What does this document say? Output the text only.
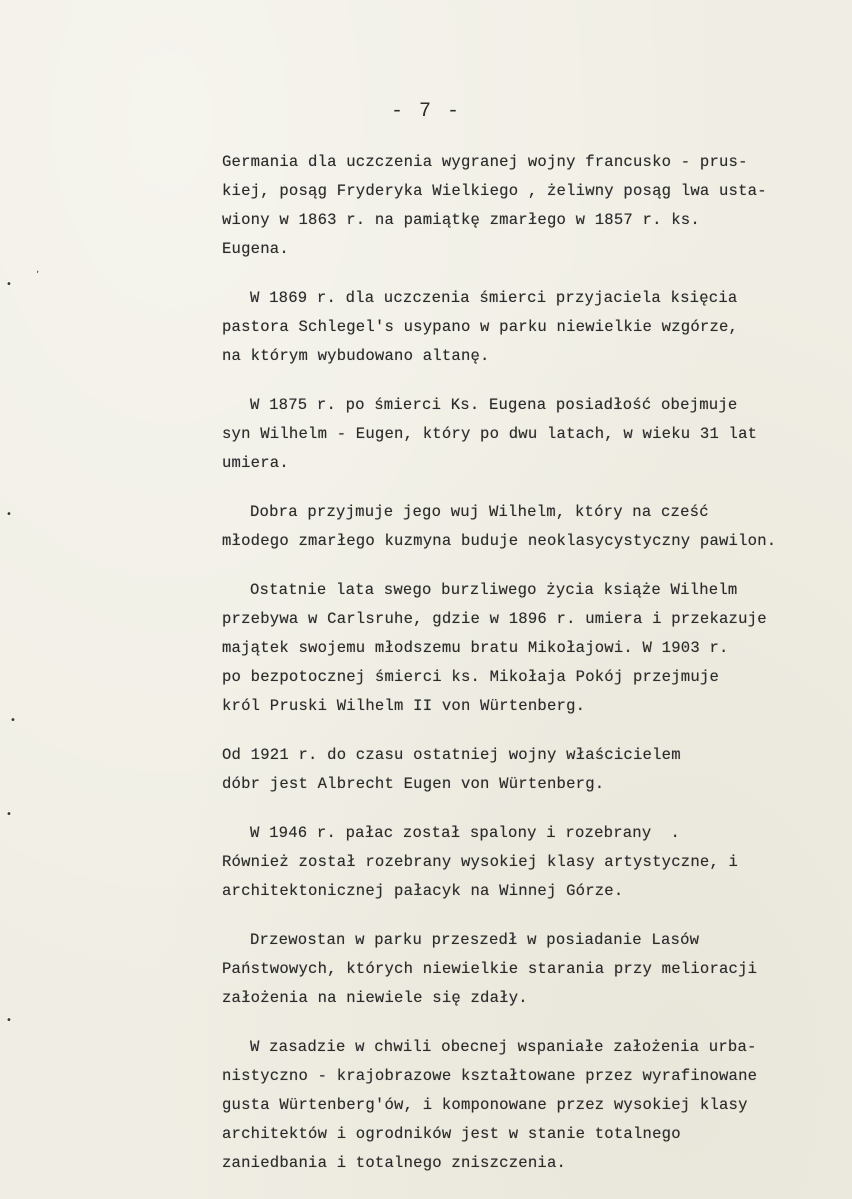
- 7 -
ʼ
•
•
•
•
•
Germania dla uczczenia wygranej wojny francusko - prus-
kiej, posąg Fryderyka Wielkiego , żeliwny posąg lwa usta-
wiony w 1863 r. na pamiątkę zmarłego w 1857 r. ks.
Eugena.
W 1869 r. dla uczczenia śmierci przyjaciela księcia
pastora Schlegel's usypano w parku niewielkie wzgórze,
na którym wybudowano altanę.
W 1875 r. po śmierci Ks. Eugena posiadłość obejmuje
syn Wilhelm - Eugen, który po dwu latach, w wieku 31 lat
umiera.
Dobra przyjmuje jego wuj Wilhelm, który na cześć
młodego zmarłego kuzmyna buduje neoklasycystyczny pawilon.
Ostatnie lata swego burzliwego życia książe Wilhelm
przebywa w Carlsruhe, gdzie w 1896 r. umiera i przekazuje
majątek swojemu młodszemu bratu Mikołajowi. W 1903 r.
po bezpotocznej śmierci ks. Mikołaja Pokój przejmuje
król Pruski Wilhelm II von Würtenberg.
Od 1921 r. do czasu ostatniej wojny właścicielem
dóbr jest Albrecht Eugen von Würtenberg.
W 1946 r. pałac został spalony i rozebrany  .
Również został rozebrany wysokiej klasy artystyczne, i
architektonicznej pałacyk na Winnej Górze.
Drzewostan w parku przeszedł w posiadanie Lasów
Państwowych, których niewielkie starania przy melioracji
założenia na niewiele się zdały.
W zasadzie w chwili obecnej wspaniałe założenia urba-
nistyczno - krajobrazowe kształtowane przez wyrafinowane
gusta Würtenberg'ów, i komponowane przez wysokiej klasy
architektów i ogrodników jest w stanie totalnego
zaniedbania i totalnego zniszczenia.
